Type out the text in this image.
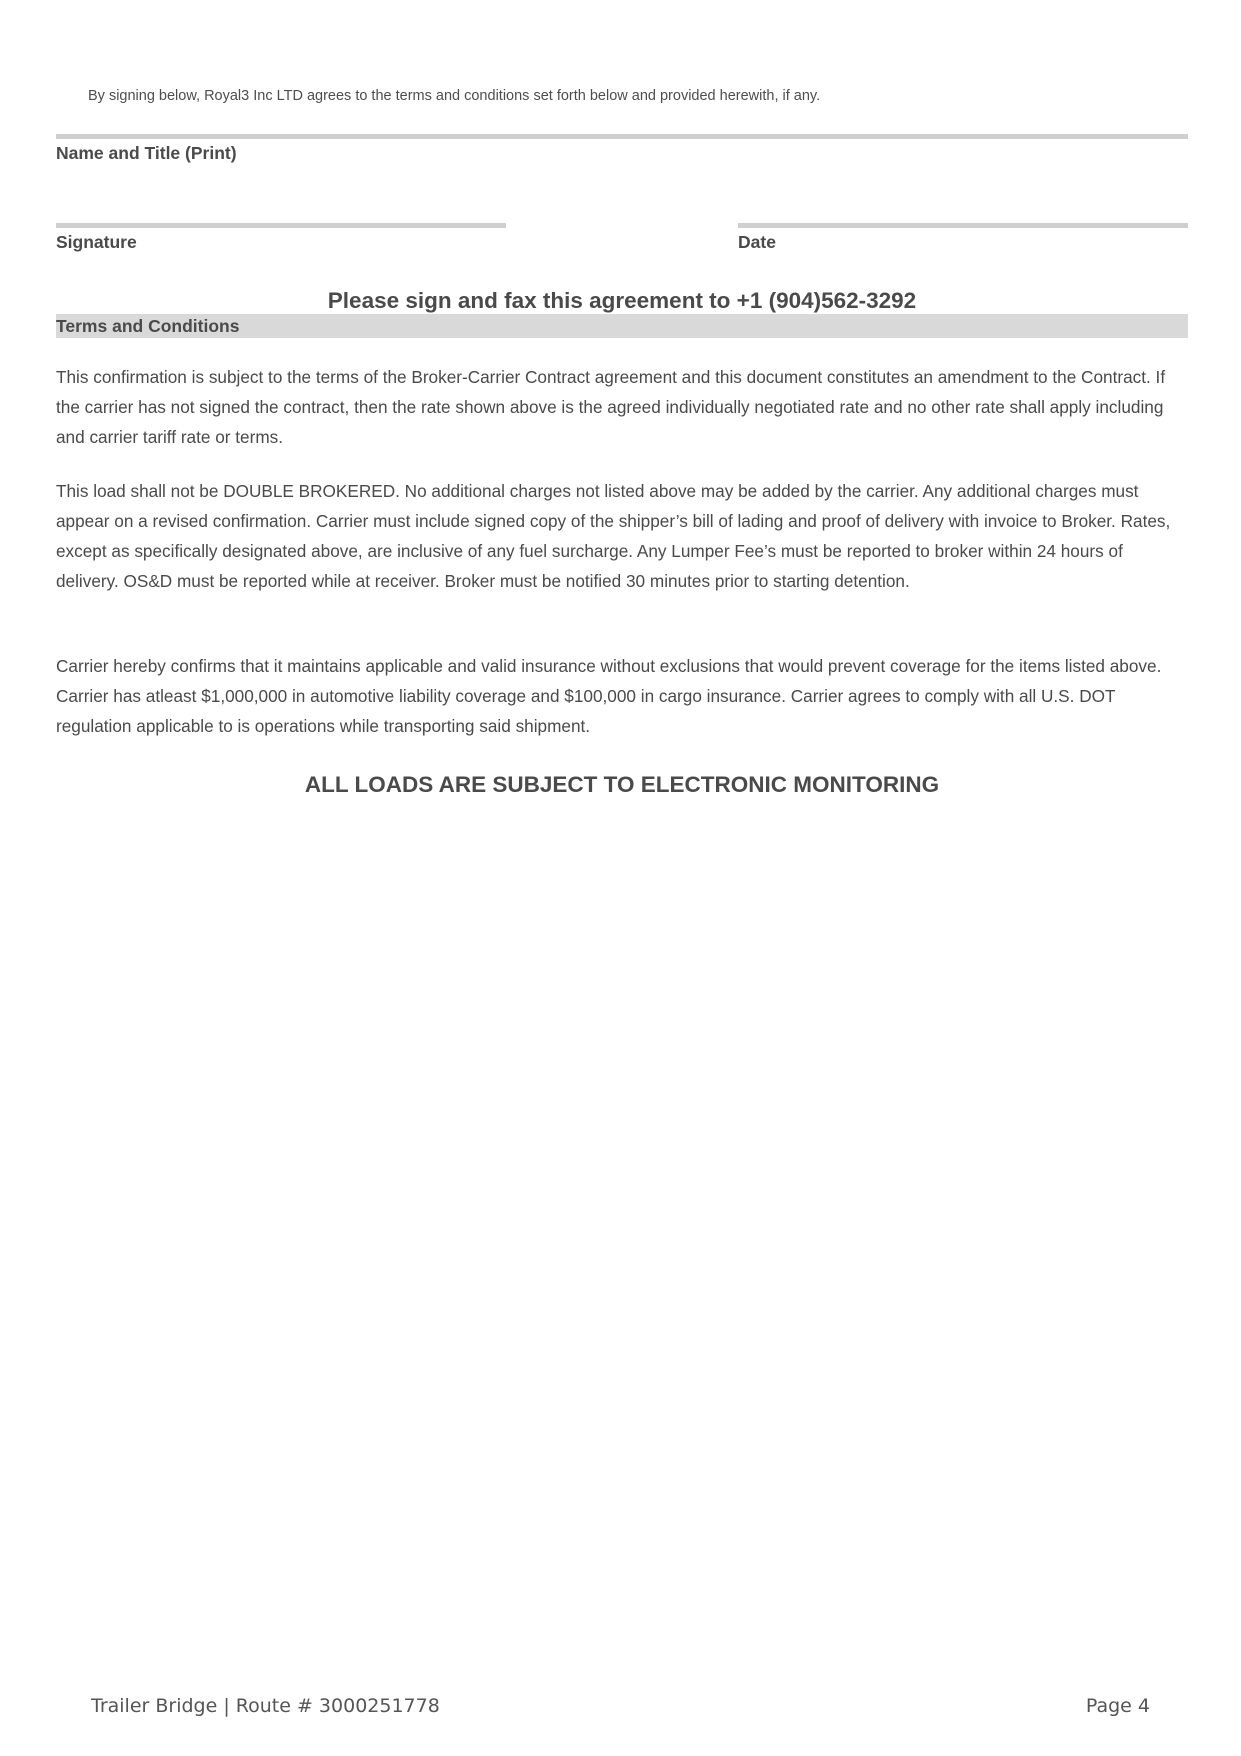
By signing below, Royal3 Inc LTD agrees to the terms and conditions set forth below and provided herewith, if any.
Name and Title (Print)
Signature	Date
Please sign and fax this agreement to +1 (904)562-3292
Terms and Conditions

This confirmation is subject to the terms of the Broker-Carrier Contract agreement and this document constitutes an amendment to the Contract. If the carrier has not signed the contract, then the rate shown above is the agreed individually negotiated rate and no other rate shall apply including and carrier tariff rate or terms.

This load shall not be DOUBLE BROKERED. No additional charges not listed above may be added by the carrier. Any additional charges must appear on a revised confirmation. Carrier must include signed copy of the shipper’s bill of lading and proof of delivery with invoice to Broker. Rates, except as specifically designated above, are inclusive of any fuel surcharge. Any Lumper Fee’s must be reported to broker within 24 hours of delivery. OS&D must be reported while at receiver. Broker must be notified 30 minutes prior to starting detention.

Carrier hereby confirms that it maintains applicable and valid insurance without exclusions that would prevent coverage for the items listed above. Carrier has atleast $1,000,000 in automotive liability coverage and $100,000 in cargo insurance. Carrier agrees to comply with all U.S. DOT regulation applicable to is operations while transporting said shipment.

ALL LOADS ARE SUBJECT TO ELECTRONIC MONITORING
Trailer Bridge | Route # 3000251778	Page 4
